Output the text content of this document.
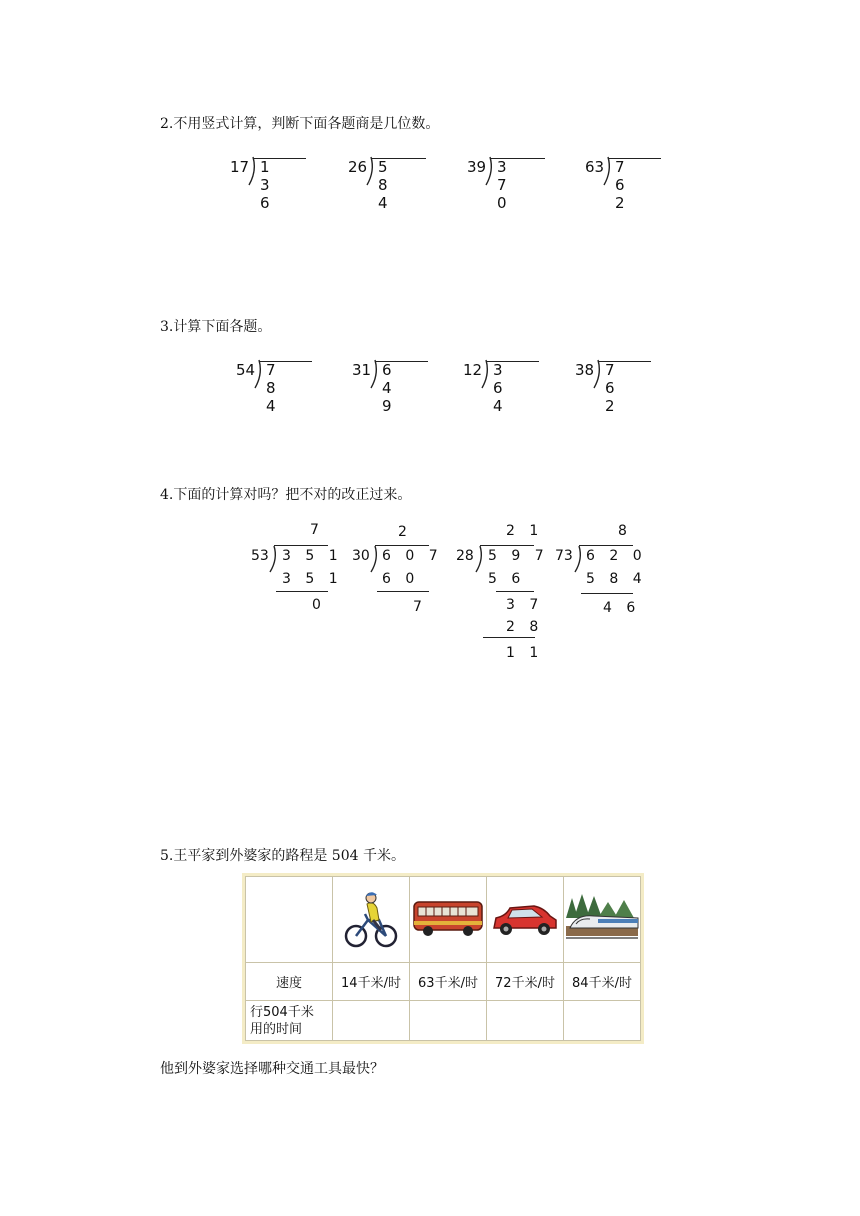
2.不用竖式计算，判断下面各题商是几位数。
17 1 3 6
26 5 8 4
39 3 7 0
63 7 6 2
3.计算下面各题。
54 7 8 4
31 6 4 9
12 3 6 4
38 7 6 2
4.下面的计算对吗？把不对的改正过来。
7
53 3 5 1
3 5 1
0
2
30 6 0 7
6 0
7
2 1
28 5 9 7
5 6
3 7
2 8
1 1
8
73 6 2 0
5 8 4
4 6
5.王平家到外婆家的路程是 504 千米。

速度	14千米/时	63千米/时	72千米/时	84千米/时
行504千米
用的时间				
他到外婆家选择哪种交通工具最快？
